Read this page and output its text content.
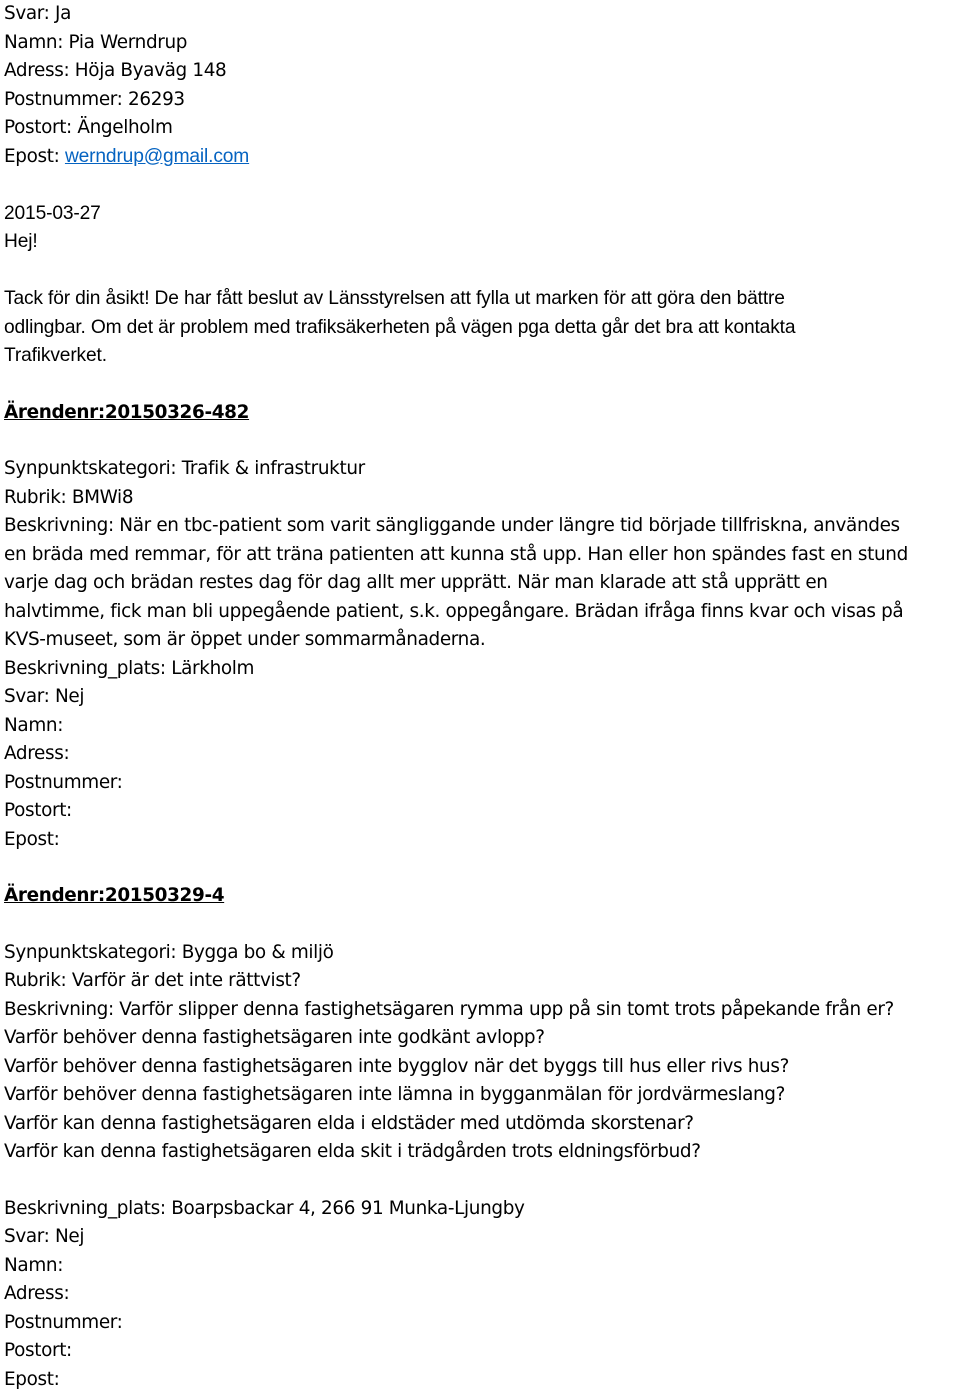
Svar: Ja
Namn: Pia Werndrup
Adress: Höja Byaväg 148
Postnummer: 26293
Postort: Ängelholm
Epost: werndrup@gmail.com
2015-03-27
Hej!
Tack för din åsikt! De har fått beslut av Länsstyrelsen att fylla ut marken för att göra den bättre
odlingbar. Om det är problem med trafiksäkerheten på vägen pga detta går det bra att kontakta
Trafikverket.
Ärendenr:20150326-482
Synpunktskategori: Trafik & infrastruktur
Rubrik: BMWi8
Beskrivning: När en tbc-patient som varit sängliggande under längre tid började tillfriskna, användes
en bräda med remmar, för att träna patienten att kunna stå upp. Han eller hon spändes fast en stund
varje dag och brädan restes dag för dag allt mer upprätt. När man klarade att stå upprätt en
halvtimme, fick man bli uppegående patient, s.k. oppegångare. Brädan ifråga finns kvar och visas på
KVS-museet, som är öppet under sommarmånaderna.
Beskrivning_plats: Lärkholm
Svar: Nej
Namn:
Adress:
Postnummer:
Postort:
Epost:
Ärendenr:20150329-4
Synpunktskategori: Bygga bo & miljö
Rubrik: Varför är det inte rättvist?
Beskrivning: Varför slipper denna fastighetsägaren rymma upp på sin tomt trots påpekande från er?
Varför behöver denna fastighetsägaren inte godkänt avlopp?
Varför behöver denna fastighetsägaren inte bygglov när det byggs till hus eller rivs hus?
Varför behöver denna fastighetsägaren inte lämna in bygganmälan för jordvärmeslang?
Varför kan denna fastighetsägaren elda i eldstäder med utdömda skorstenar?
Varför kan denna fastighetsägaren elda skit i trädgården trots eldningsförbud?
Beskrivning_plats: Boarpsbackar 4, 266 91 Munka-Ljungby
Svar: Nej
Namn:
Adress:
Postnummer:
Postort:
Epost:
